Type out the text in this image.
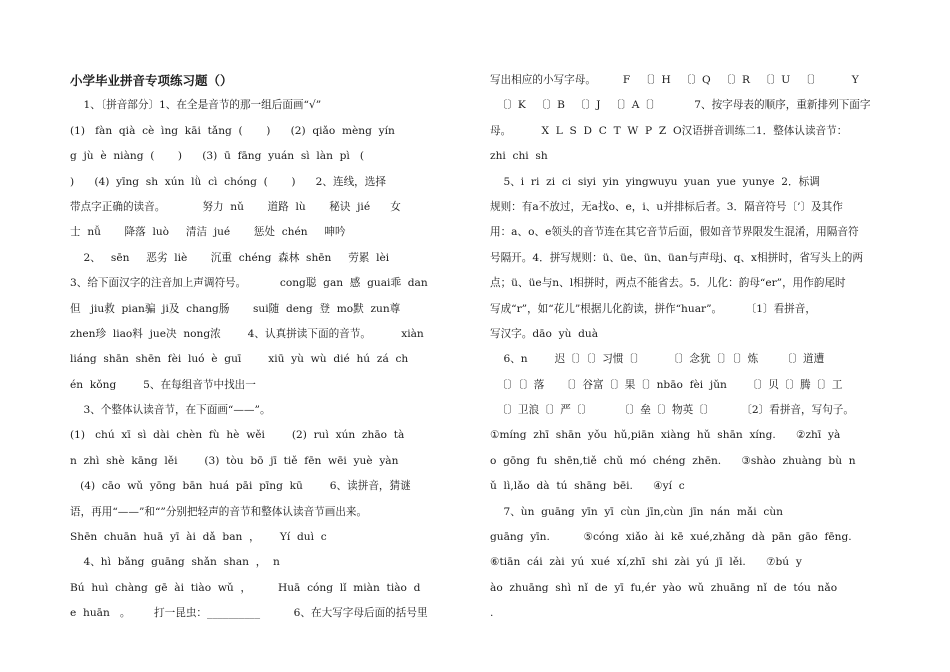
小学毕业拼音专项练习题（）
1、〔拼音部分〕1、在全是音节的那一组后面画“√”
(1)   fàn  qià  cè  ìng  kāi  tǎng  (       )      (2)  qiǎo  mèng  yín
g  jù  è  niàng  (       )      (3)  ū  fāng  yuán  sì  làn  pì   (
)      (4)  yīng  sh  xún  lǜ  cì  chóng  (       )      2、连线，选择
带点字正确的读音。           努力  nǔ       道路  lù       秘诀  jié      女
士  nǚ       降落  luò     清洁  jué       惩处  chén     呻吟
2、   sēn     恶劣  liè       沉重  chéng  森林  shēn     劳累  lèi
3、给下面汉字的注音加上声调符号。          cong聪  gan  感  guai乖  dan
但   jiu救  pian骗  ji及  chang肠       sui随  deng  登  mo默  zun尊
zhen珍  liao料  jue决  nong浓        4、认真拼读下面的音节。         xiàn
liáng  shān  shēn  fèi  luó  è  guī        xiū  yù  wù  dié  hú  zá  ch
én  kǒng        5、在每组音节中找出一
3、个整体认读音节，在下面画“——”。
(1)   chú  xī  sì  dài  chèn  fù  hè  wěi        (2)  ruì  xún  zhāo  tà
n  zhì  shè  kāng  lěi        (3)  tòu  bō  jī  tiě  fēn  wēi  yuè  yàn
(4)  cāo  wǔ  yōng  bān  huá  pāi  pīng  kū        6、读拼音，猜谜
语，再用“——”和“”分别把轻声的音节和整体认读音节画出来。
Shēn  chuān  huā  yī  ài  dǎ  ban  ，      Yí  duì  c
4、hì  bǎng  guāng  shǎn  shan  ，  n
Bú  huì  chàng  gē  ài  tiào  wǔ  ，        Huā  cóng  lǐ  miàn  tiào  d
e  huān   。       打一昆虫：__________          6、在大写字母后面的括号里
写出相应的小写字母。        F   〔〕H   〔〕Q   〔〕R   〔〕U   〔〕         Y
〔〕K   〔〕B   〔〕J   〔〕A〔〕          7、按字母表的顺序，重新排列下面字
母。         X  L  S  D  C  T  W  P  Z  O汉语拼音训练二1．整体认读音节：
zhi  chi  sh
5、i  ri  zi  ci  siyi  yin  yingwuyu  yuan  yue  yunye  2．标调
规则：有a不放过，无a找o、e，i、u并排标后者。3．隔音符号〔’〕及其作
用：a、o、e领头的音节连在其它音节后面，假如音节界限发生混淆，用隔音符
号隔开。4．拼写规则：ü、üe、ün、üan与声母j、q、x相拼时，省写头上的两
点；ü、üe与n、l相拼时，两点不能省去。5．儿化：韵母“er”，用作韵尾时
写成“r”，如“花儿”根据儿化韵读，拼作“huar”。       〔1〕看拼音，
写汉字。dāo  yù  duà
6、n        迟〔〕〔〕习惯〔〕       〔〕念犹〔〕〔〕炼       〔〕道遭
〔〕〔〕落     〔〕谷富〔〕果〔〕nbāo  fèi  jǔn      〔〕贝〔〕腾〔〕工
〔〕卫浪〔〕严〔〕        〔〕垒〔〕物英〔〕        〔2〕看拼音，写句子。
①míng  zhī  shān  yǒu  hǔ,piān  xiàng  hǔ  shān  xíng.      ②zhī  yà
o  gōng  fu  shēn,tiě  chǔ  mó  chéng  zhēn.      ③shào  zhuàng  bù  n
ǔ  lì,lǎo  dà  tú  shāng  bēi.      ④yí  c
7、ùn  guāng  yīn  yī  cùn  jīn,cùn  jīn  nán  mǎi  cùn
guāng  yīn.          ⑤cóng  xiǎo  ài  kē  xué,zhǎng  dà  pān  gāo  fēng.
⑥tiān  cái  zài  yú  xué  xí,zhī  shi  zài  yú  jī  lěi.      ⑦bú  y
ào  zhuāng  shì  nǐ  de  yī  fu,ér  yào  wǔ  zhuāng  nǐ  de  tóu  nǎo
.
